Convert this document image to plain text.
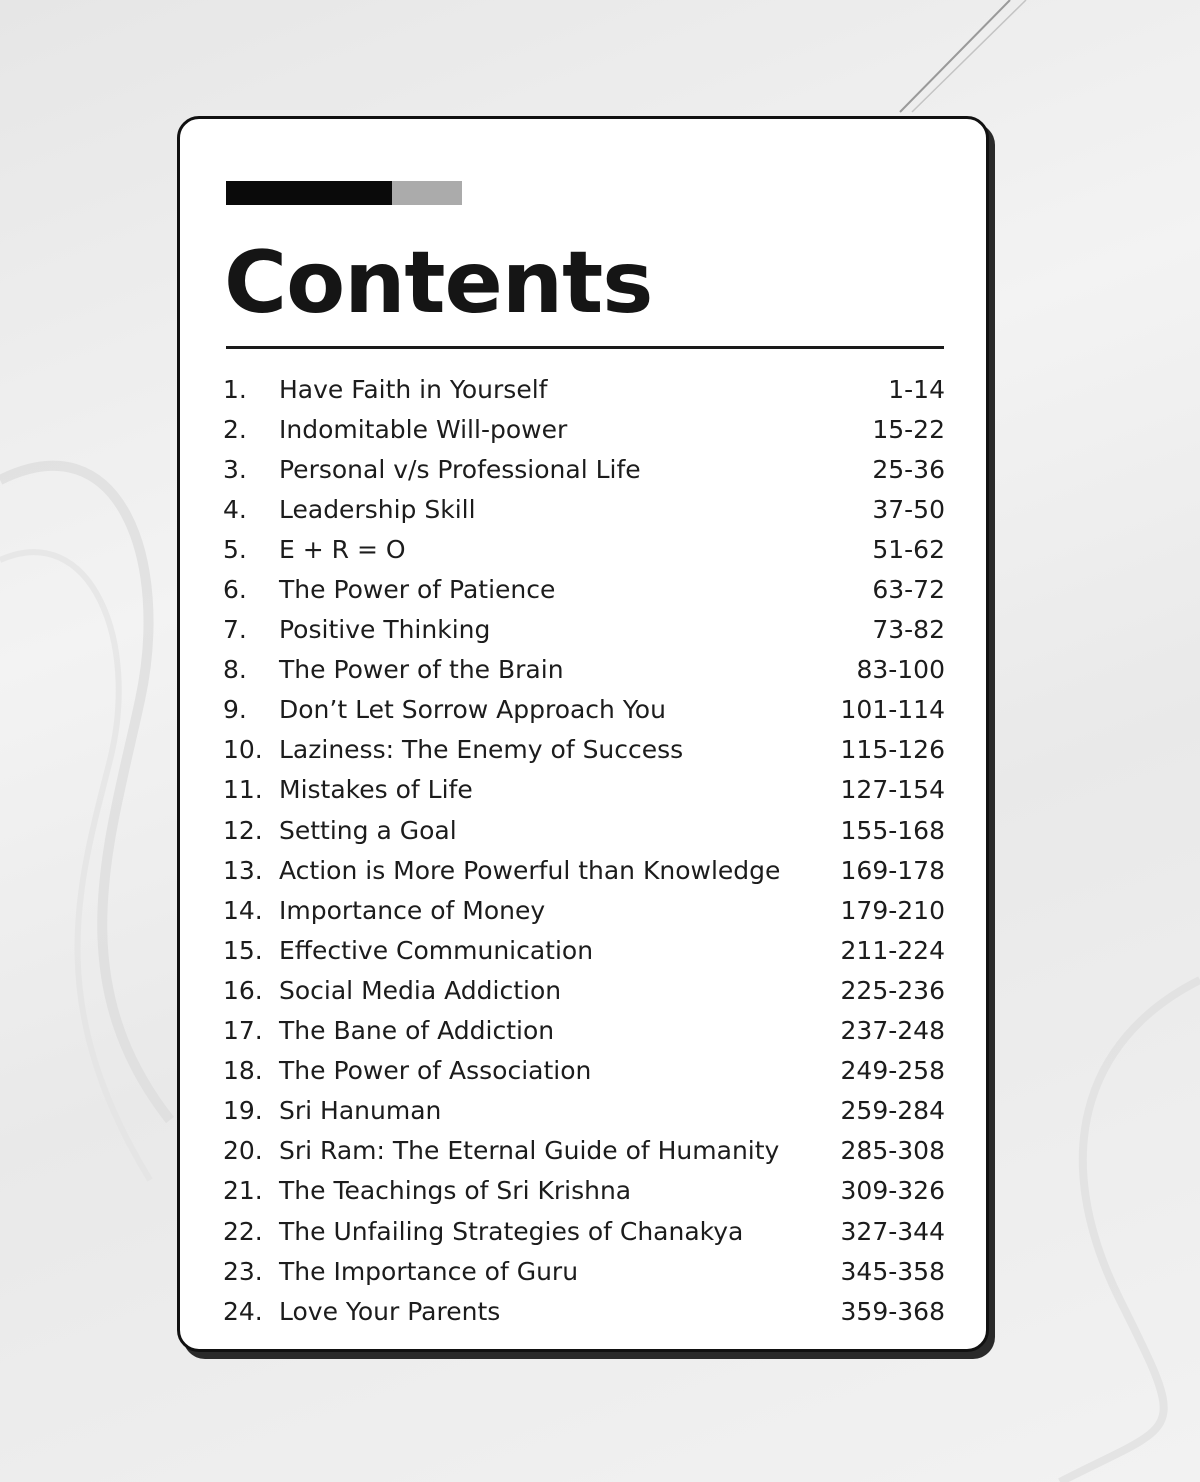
Contents
1.	Have Faith in Yourself	1-14
2.	Indomitable Will-power	15-22
3.	Personal v/s Professional Life	25-36
4.	Leadership Skill	37-50
5.	E + R = O	51-62
6.	The Power of Patience	63-72
7.	Positive Thinking	73-82
8.	The Power of the Brain	83-100
9.	Don’t Let Sorrow Approach You	101-114
10. Laziness: The Enemy of Success	115-126
11. Mistakes of Life	127-154
12. Setting a Goal	155-168
13. Action is More Powerful than Knowledge	169-178
14. Importance of Money	179-210
15. Effective Communication	211-224
16. Social Media Addiction	225-236
17. The Bane of Addiction	237-248
18. The Power of Association	249-258
19. Sri Hanuman	259-284
20. Sri Ram: The Eternal Guide of Humanity	285-308
21. The Teachings of Sri Krishna	309-326
22. The Unfailing Strategies of Chanakya	327-344
23. The Importance of Guru	345-358
24. Love Your Parents	359-368
